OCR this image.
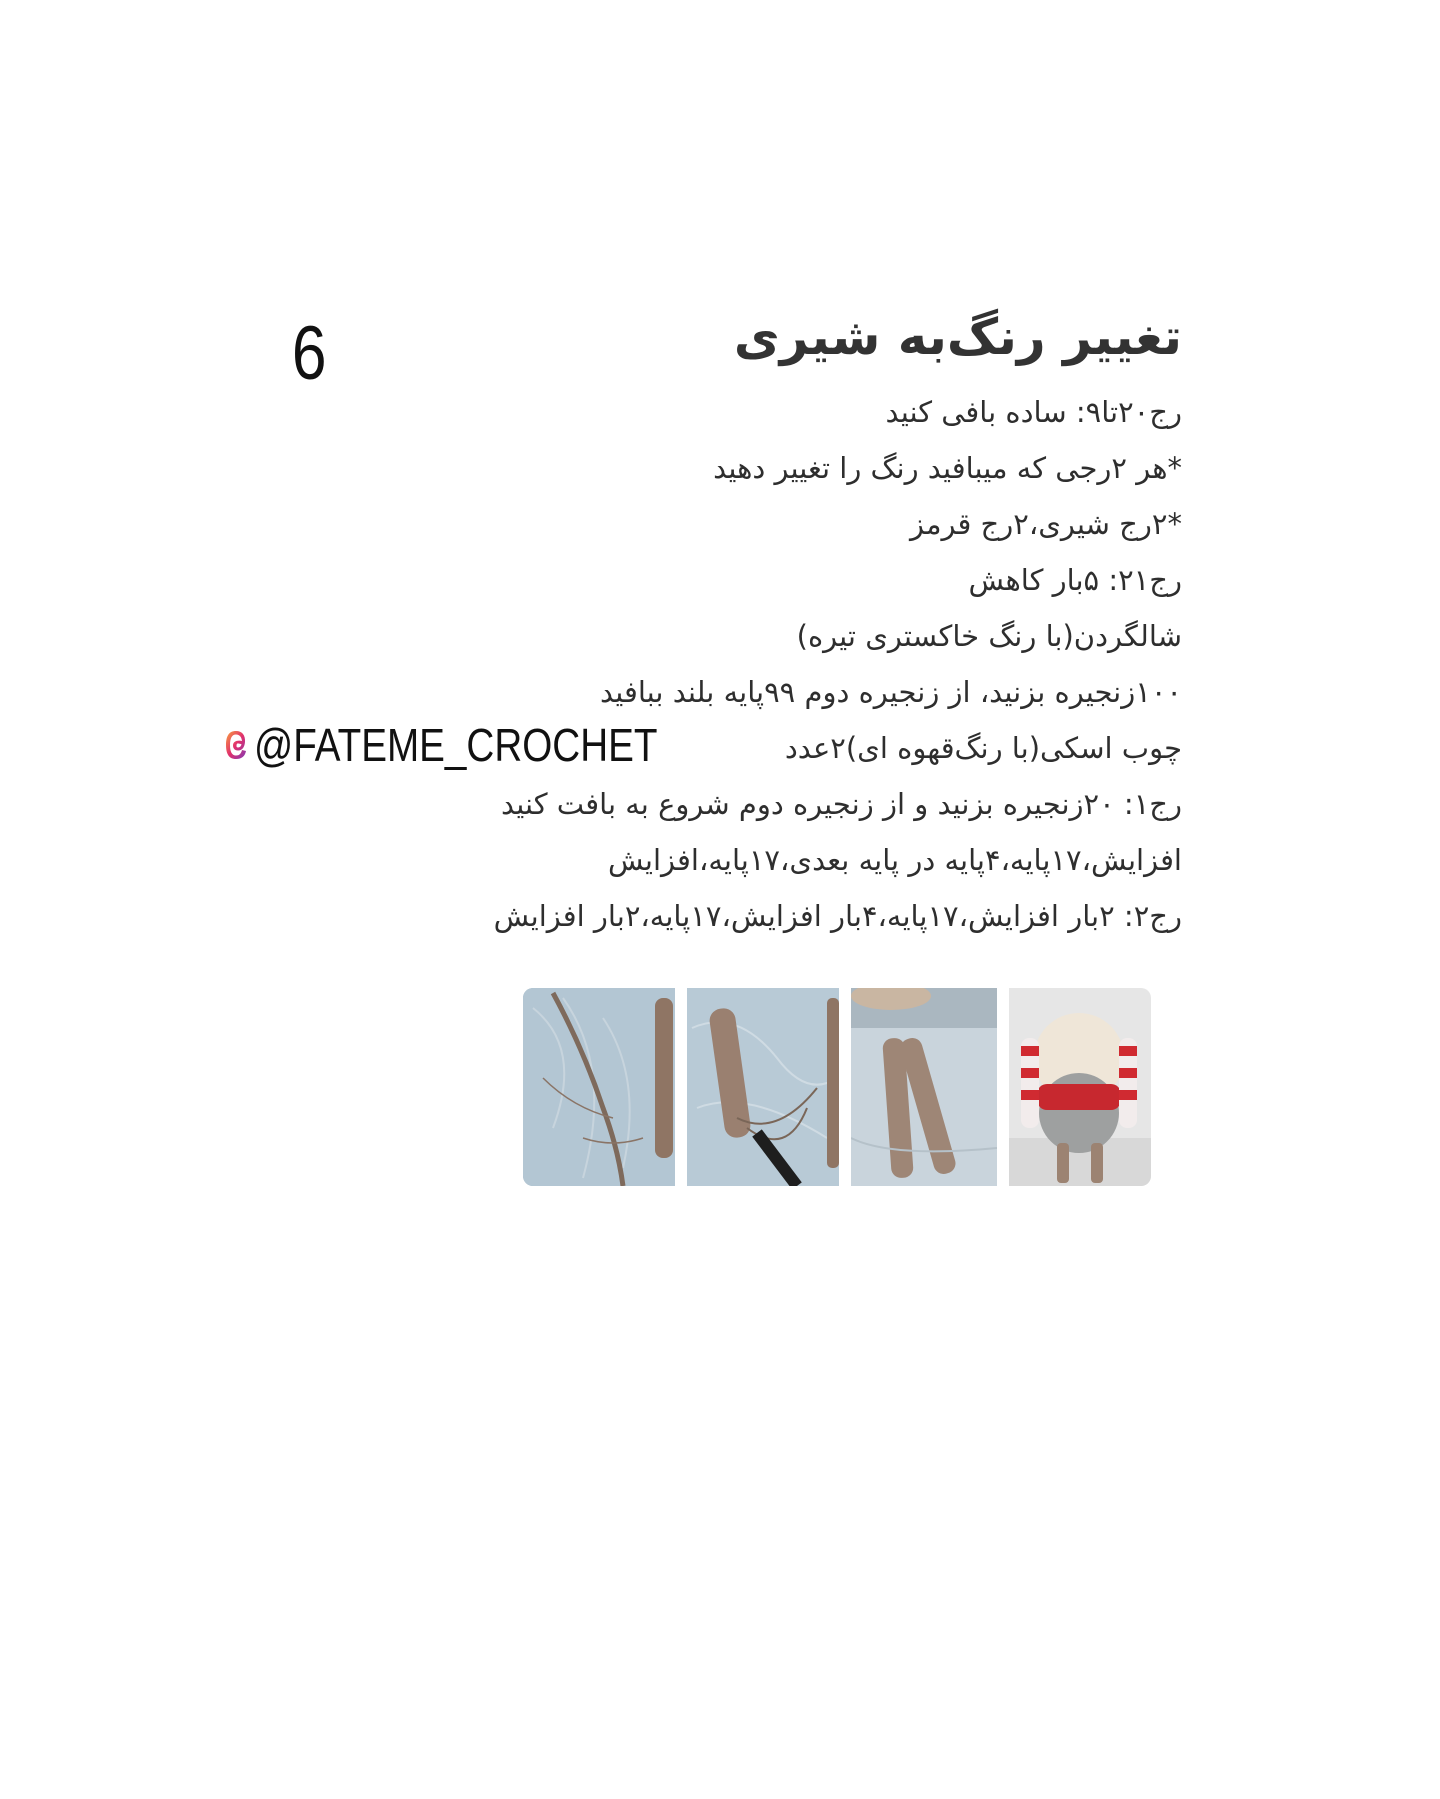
6	تغییر رنگ‌به شیری
رج۲۰تا۹: ساده بافی کنید
*هر ۲رجی که میبافید رنگ را تغییر دهید
*۲رج شیری،۲رج قرمز
رج۲۱: ۵بار کاهش
شالگردن(با رنگ خاکستری تیره)
۱۰۰زنجیره بزنید، از زنجیره دوم ۹۹پایه بلند ببافید
چوب اسکی(با رنگ‌قهوه ای)۲عدد
رج۱: ۲۰زنجیره بزنید و از زنجیره دوم شروع به بافت کنید
افزایش،۱۷پایه،۴پایه در پایه بعدی،۱۷پایه،افزایش
رج۲: ۲بار افزایش،۱۷پایه،۴بار افزایش،۱۷پایه،۲بار افزایش
@FATEME_CROCHET
